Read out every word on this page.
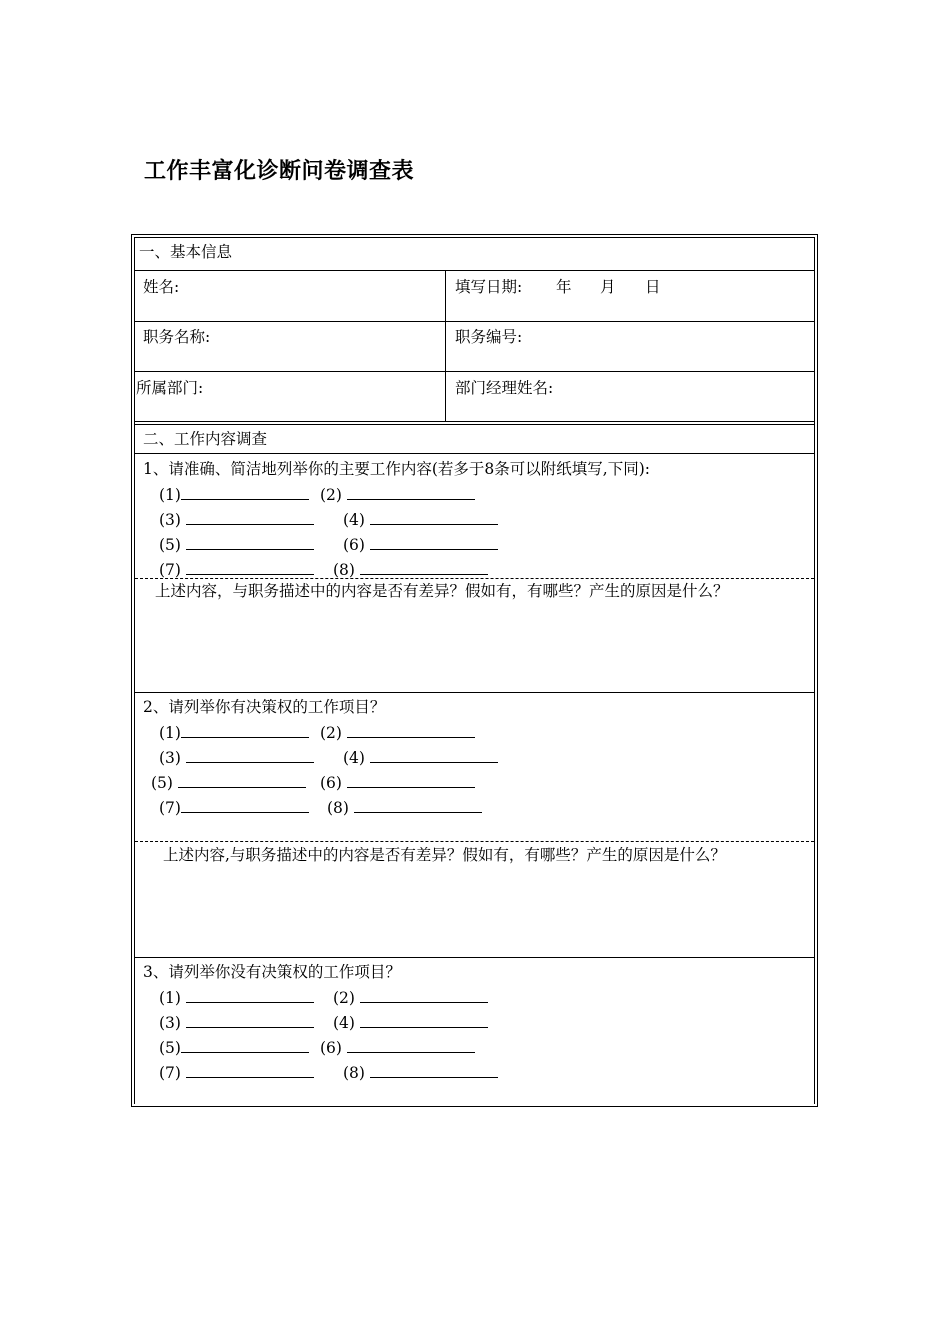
工作丰富化诊断问卷调查表
一、基本信息
姓名:	填写日期: 年 月 日
职务名称:	职务编号:
所属部门:	部门经理姓名:
二、工作内容调查
1、请准确、简洁地列举你的主要工作内容(若多于8条可以附纸填写,下同):
(1)	(2)
(3)	(4)
(5)	(6)
(7)	(8)
上述内容，与职务描述中的内容是否有差异？假如有，有哪些？产生的原因是什么？
2、请列举你有决策权的工作项目？
(1)	(2)
(3)	(4)
(5)	(6)
(7)	(8)
上述内容,与职务描述中的内容是否有差异？假如有，有哪些？产生的原因是什么？
3、请列举你没有决策权的工作项目？
(1)	(2)
(3)	(4)
(5)	(6)
(7)	(8)
